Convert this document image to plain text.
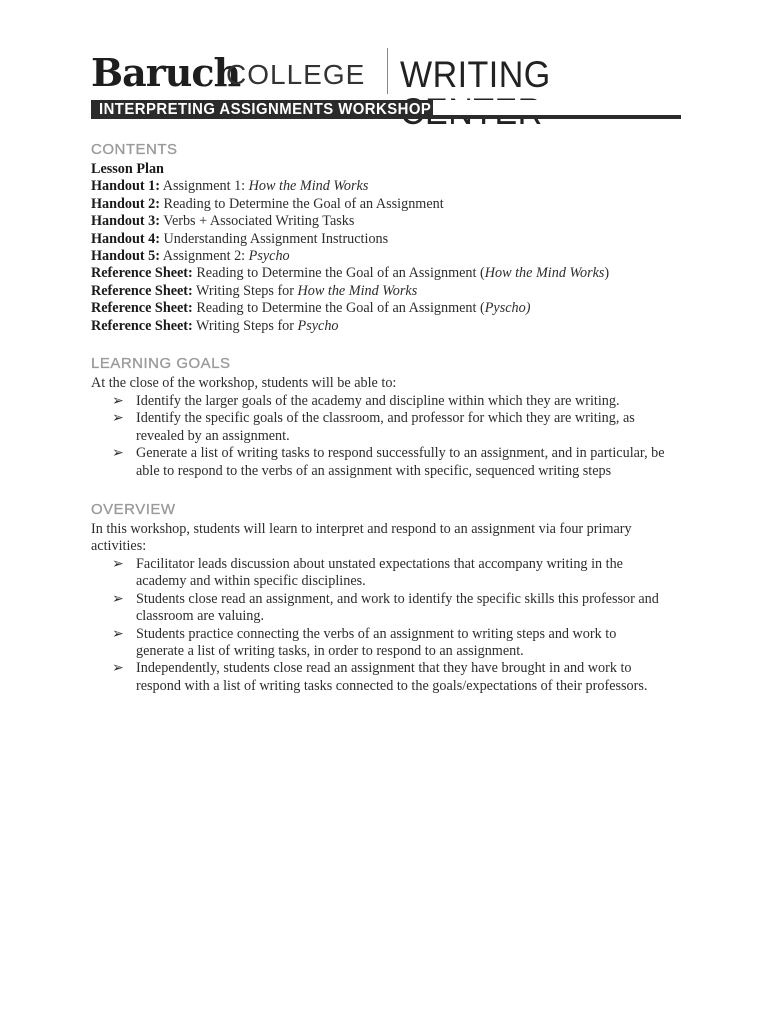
Baruch
COLLEGE WRITING
INTERPRETING ASSIGNMENTS WORKSHOP
CONTENTS
Lesson Plan
Handout 1: Assignment 1: How the Mind Works
Handout 2: Reading to Determine the Goal of an Assignment
Handout 3: Verbs + Associated Writing Tasks
Handout 4: Understanding Assignment Instructions
Handout 5: Assignment 2: Psycho
Reference Sheet: Reading to Determine the Goal of an Assignment (How the Mind Works)
Reference Sheet: Writing Steps for How the Mind Works
Reference Sheet: Reading to Determine the Goal of an Assignment (Pyscho)
Reference Sheet: Writing Steps for Psycho
LEARNING GOALS
At the close of the workshop, students will be able to:
➢ Identify the larger goals of the academy and discipline within which they are writing.
➢ Identify the specific goals of the classroom, and professor for which they are writing, as
revealed by an assignment.
➢ Generate a list of writing tasks to respond successfully to an assignment, and in particular, be
able to respond to the verbs of an assignment with specific, sequenced writing steps
OVERVIEW
In this workshop, students will learn to interpret and respond to an assignment via four primary
activities:
➢ Facilitator leads discussion about unstated expectations that accompany writing in the
academy and within specific disciplines.
➢ Students close read an assignment, and work to identify the specific skills this professor and
classroom are valuing.
➢ Students practice connecting the verbs of an assignment to writing steps and work to
generate a list of writing tasks, in order to respond to an assignment.
➢ Independently, students close read an assignment that they have brought in and work to
respond with a list of writing tasks connected to the goals/expectations of their professors.
